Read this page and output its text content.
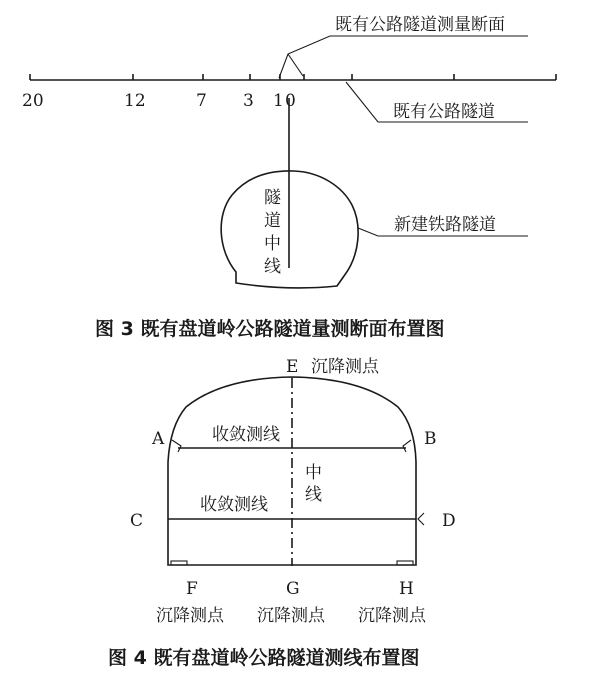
既有公路隧道测量断面
20	12	7 3 1 0
既有公路隧道
隧
道
中
线
新建铁路隧道
图 3 既有盘道岭公路隧道量测断面布置图
E 沉降测点
A	B
收敛测线
C	D
收敛测线
中
线
F	G	H
沉降测点 沉降测点 沉降测点
图 4 既有盘道岭公路隧道测线布置图
